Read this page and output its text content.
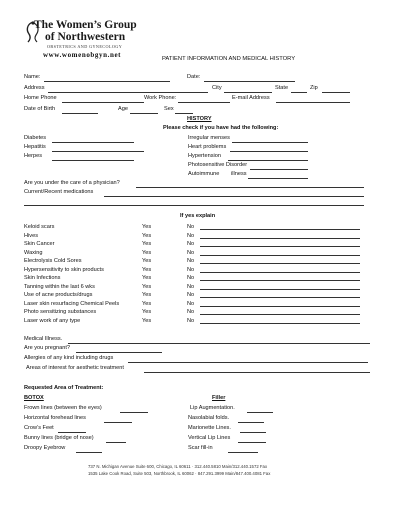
The Women’s Group
of Northwestern
OBSTETRICS AND GYNECOLOGY
www.womenobgyn.net	PATIENT INFORMATION AND MEDICAL HISTORY
Name:	Date:
Address	City	State	Zip
Home Phone	Work Phone:	E-mail Address
Date of Birth	Age	Sex
HISTORY
Please check if you have had the following:
Diabetes
Hepatitis
Herpes
Irregular menses
Heart problems
Hypertension
Photosensitive Disorder
Autoimmune illness
Are you under the care of a physician?
Current/Recent medications
If yes explain
Keloid scars	Yes	No
Hives	Yes	No
Skin Cancer	Yes	No
Waxing	Yes	No
Electrolysis Cold Sores	Yes	No
Hypersensitivity to skin products	Yes	No
Skin Infections	Yes	No
Tanning within the last 6 wks	Yes	No
Use of acne products/drugs	Yes	No
Laser skin resurfacing Chemical Peels	Yes	No
Photo sensitizing substances	Yes	No
Laser work of any type	Yes	No
Medical Illness.
Are you pregnant?
Allergies of any kind including drugs
Areas of interest for aesthetic treatment
Requested Area of Treatment:
BOTOX	Filler
Frown lines (between the eyes)
Horizontal forehead lines
Crow’s Feet
Bunny lines (bridge of nose)
Droopy Eyebrow
Lip Augmentation.
Nasolabial folds.
Marionette Lines.
Vertical Lip Lines
Scar fill-in
737 N. Michigan Avenue Suite 600, Chicago, IL 60611 · 312.440.5810 Main/312.440.1572 Fax
1535 Lake Cook Road, Suite 503, Northbrook, IL 60062 · 847.291.3999 Main/847.400.4081 Fax
